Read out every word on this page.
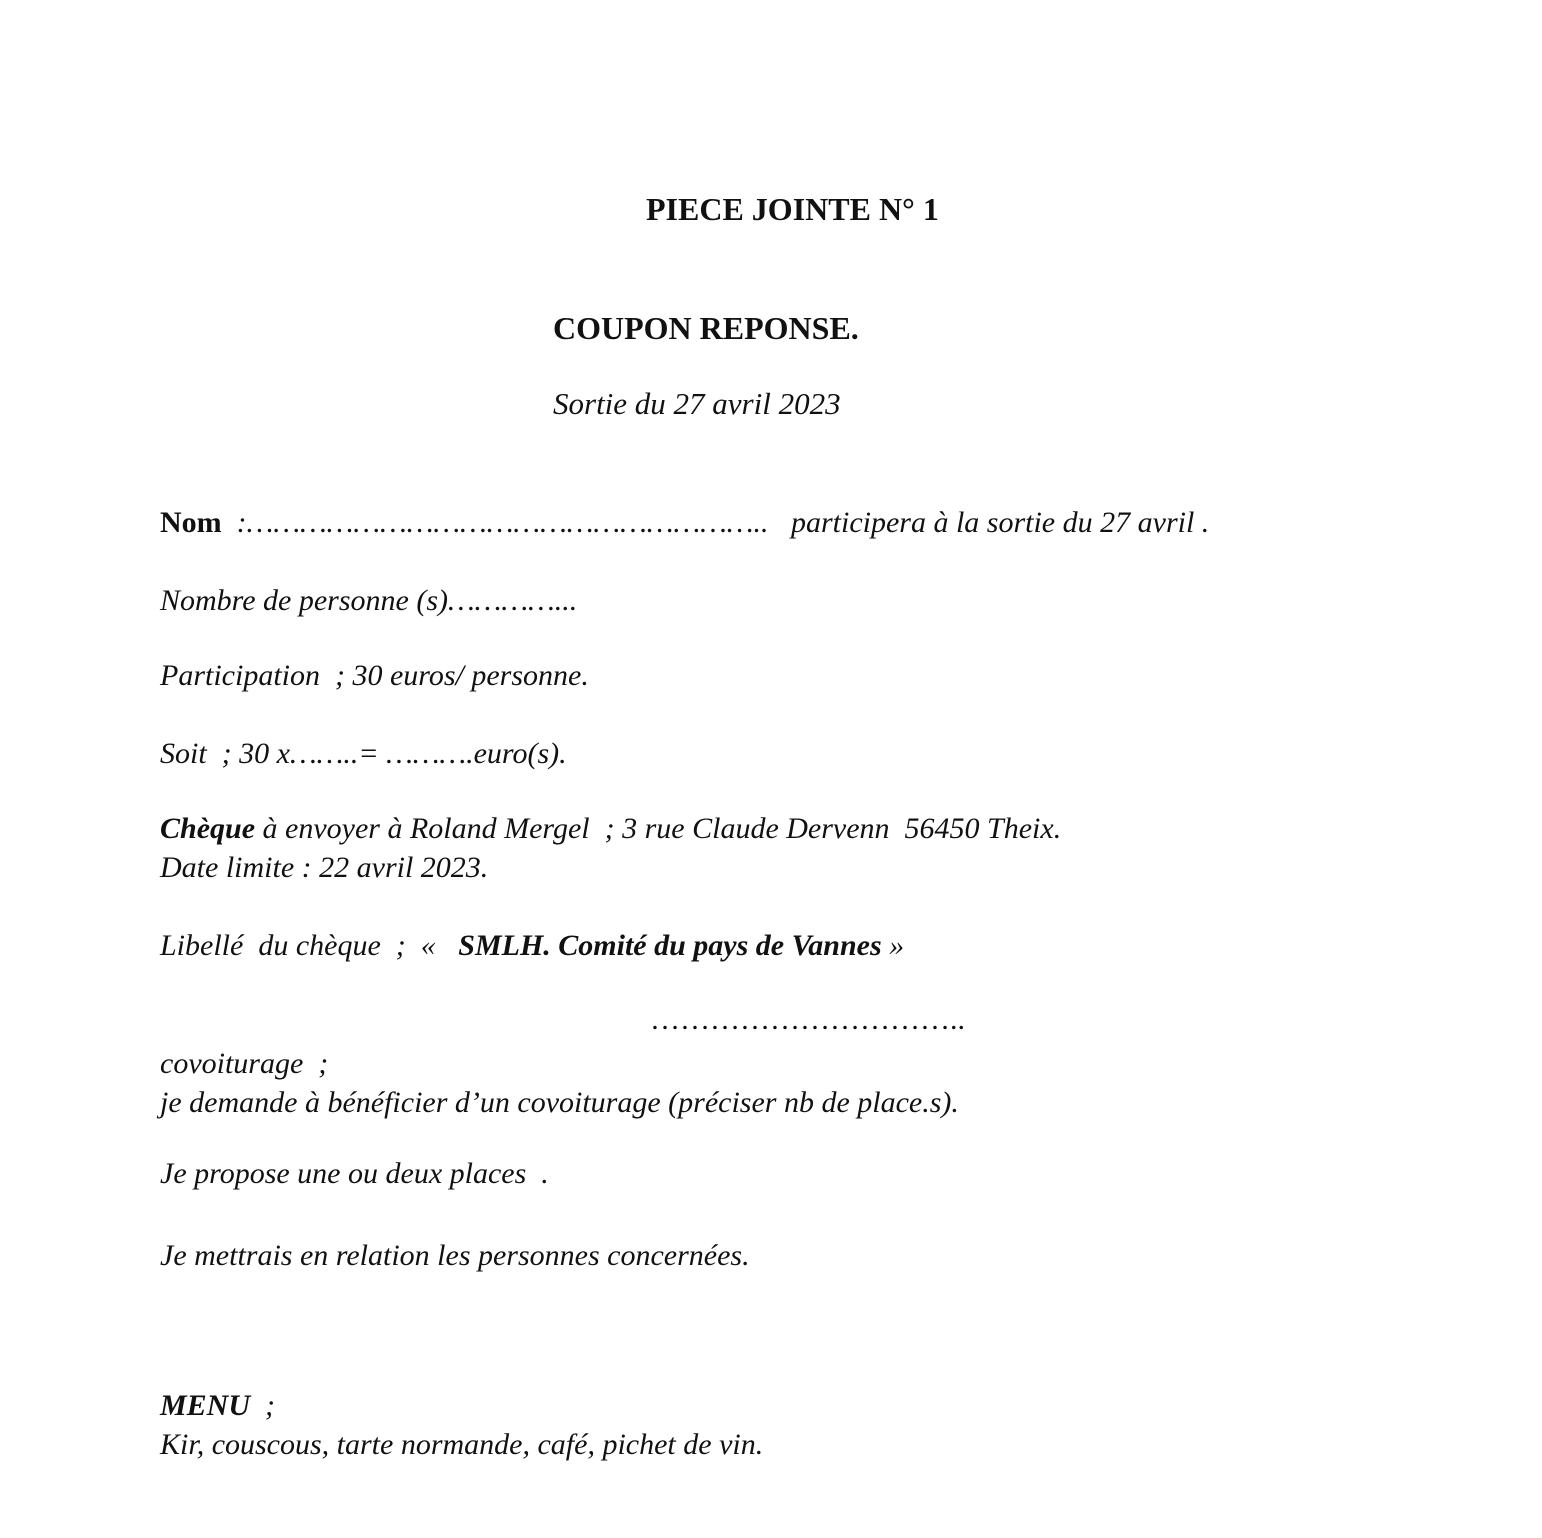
PIECE JOINTE N° 1
COUPON REPONSE.
Sortie du 27 avril 2023
Nom  :…………………………………………………..   participera à la sortie du 27 avril .
Nombre de personne (s)…………...
Participation  ; 30 euros/ personne.
Soit  ; 30 x……..= ……….euro(s).
Chèque à envoyer à Roland Mergel  ; 3 rue Claude Dervenn  56450 Theix.
Date limite : 22 avril 2023.
Libellé  du chèque  ;  «   SMLH. Comité du pays de Vannes »
…………………………..
covoiturage  ;
je demande à bénéficier d’un covoiturage (préciser nb de place.s).
Je propose une ou deux places  .
Je mettrais en relation les personnes concernées.
MENU  ;
Kir, couscous, tarte normande, café, pichet de vin.
